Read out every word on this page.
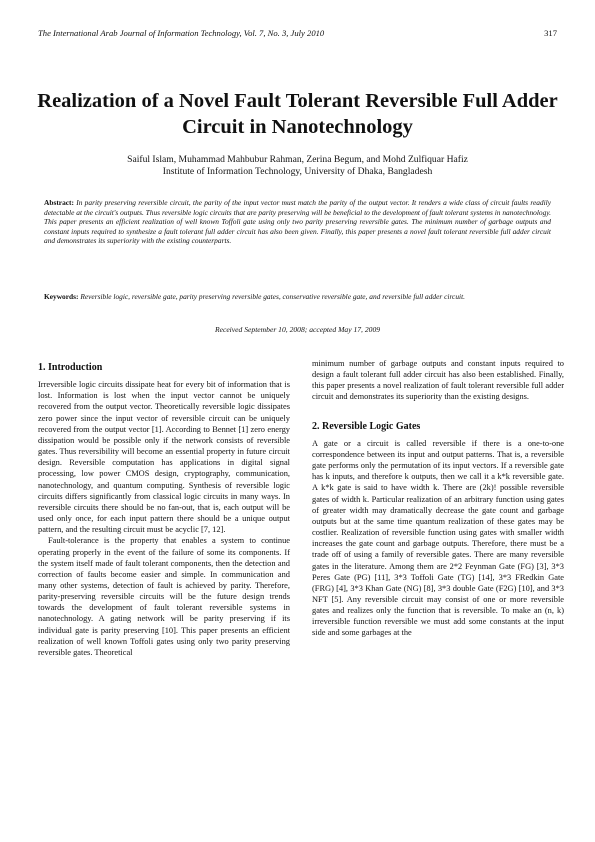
The International Arab Journal of Information Technology, Vol. 7, No. 3, July 2010	317
Realization of a Novel Fault Tolerant Reversible Full Adder Circuit in Nanotechnology
Saiful Islam, Muhammad Mahbubur Rahman, Zerina Begum, and Mohd Zulfiquar Hafiz
Institute of Information Technology, University of Dhaka, Bangladesh
Abstract: In parity preserving reversible circuit, the parity of the input vector must match the parity of the output vector. It renders a wide class of circuit faults readily detectable at the circuit's outputs. Thus reversible logic circuits that are parity preserving will be beneficial to the development of fault tolerant systems in nanotechnology. This paper presents an efficient realization of well known Toffoli gate using only two parity preserving reversible gates. The minimum number of garbage outputs and constant inputs required to synthesize a fault tolerant full adder circuit has also been given. Finally, this paper presents a novel fault tolerant reversible full adder circuit and demonstrates its superiority with the existing counterparts.
Keywords: Reversible logic, reversible gate, parity preserving reversible gates, conservative reversible gate, and reversible full adder circuit.
Received September 10, 2008; accepted May 17, 2009
1. Introduction

Irreversible logic circuits dissipate heat for every bit of information that is lost. Information is lost when the input vector cannot be uniquely recovered from the output vector. Theoretically reversible logic dissipates zero power since the input vector of reversible circuit can be uniquely recovered from the output vector [1]. According to Bennet [1] zero energy dissipation would be possible only if the network consists of reversible gates. Thus reversibility will become an essential property in future circuit design. Reversible computation has applications in digital signal processing, low power CMOS design, cryptography, communication, nanotechnology, and quantum computing. Synthesis of reversible logic circuits differs significantly from classical logic circuits in many ways. In reversible circuits there should be no fan-out, that is, each output will be used only once, for each input pattern there should be a unique output pattern, and the resulting circuit must be acyclic [7, 12].

Fault-tolerance is the property that enables a system to continue operating properly in the event of the failure of some its components. If the system itself made of fault tolerant components, then the detection and correction of faults become easier and simple. In communication and many other systems, detection of fault is achieved by parity. Therefore, parity-preserving reversible circuits will be the future design trends towards the development of fault tolerant reversible systems in nanotechnology. A gating network will be parity preserving if its individual gate is parity preserving [10]. This paper presents an efficient realization of well known Toffoli gates using only two parity preserving reversible gates. Theoretical

minimum number of garbage outputs and constant inputs required to design a fault tolerant full adder circuit has also been established. Finally, this paper presents a novel realization of fault tolerant reversible full adder circuit and demonstrates its superiority than the existing designs.

2. Reversible Logic Gates

A gate or a circuit is called reversible if there is a one-to-one correspondence between its input and output patterns. That is, a reversible gate performs only the permutation of its input vectors. If a reversible gate has k inputs, and therefore k outputs, then we call it a k*k reversible gate. A k*k gate is said to have width k. There are (2k)! possible reversible gates of width k. Particular realization of an arbitrary function using gates of greater width may dramatically decrease the gate count and garbage outputs but at the same time quantum realization of these gates may be costlier. Realization of reversible function using gates with smaller width increases the gate count and garbage outputs. Therefore, there must be a trade off of using a family of reversible gates. There are many reversible gates in the literature. Among them are 2*2 Feynman Gate (FG) [3], 3*3 Peres Gate (PG) [11], 3*3 Toffoli Gate (TG) [14], 3*3 FRedkin Gate (FRG) [4], 3*3 Khan Gate (NG) [8], 3*3 double Gate (F2G) [10], and 3*3 NFT [5]. Any reversible circuit may consist of one or more reversible gates and realizes only the function that is reversible. To make an (n, k) irreversible function reversible we must add some constants at the input side and some garbages at the
